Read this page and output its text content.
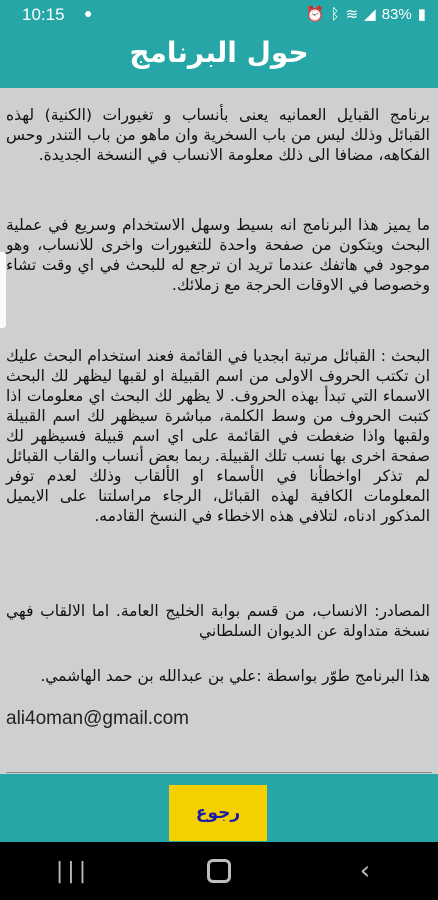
10:15 ●	⏰ ᛒ ≋ ◢ 83% ▮
حول البرنامج
برنامج القبايل العمانيه يعنى بأنساب و تغيورات (الكنية) لهذه القبائل وذلك ليس من باب السخرية وان ماهو من باب التندر وحس الفكاهه، مضافا الى ذلك معلومة الانساب في النسخة الجديدة.
ما يميز هذا البرنامج انه بسيط وسهل الاستخدام وسريع في عملية البحث ويتكون من صفحة واحدة للتغيورات واخرى للانساب، وهو موجود في هاتفك عندما تريد ان ترجع له للبحث في اي وقت تشاء وخصوصا في الاوقات الحرجة مع زملائك.
البحث : القبائل مرتبة ابجديا في القائمة فعند استخدام البحث عليك ان تكتب الحروف الاولى من اسم القبيلة او لقبها ليظهر لك البحث الاسماء التي تبدأ بهذه الحروف. لا يظهر لك البحث اي معلومات اذا كتبت الحروف من وسط الكلمة، مباشرة سيظهر لك اسم القبيلة ولقبها واذا ضغطت في القائمة على اي اسم قبيلة فسيظهر لك صفحة اخرى بها نسب تلك القبيلة. ربما بعض أنساب والقاب القبائل لم تذكر اواخطأنا في الأسماء او الألقاب وذلك لعدم توفر المعلومات الكافية لهذه القبائل، الرجاء مراسلتنا على الايميل المذكور ادناه، لتلافي هذه الاخطاء في النسخ القادمه.
المصادر: الانساب، من قسم بوابة الخليج العامة. اما الالقاب فهي نسخة متداولة عن الديوان السلطاني
هذا البرنامج طوّر بواسطة :علي بن عبدالله بن حمد الهاشمي.
ali4oman@gmail.com
رجوع
|||	‹
